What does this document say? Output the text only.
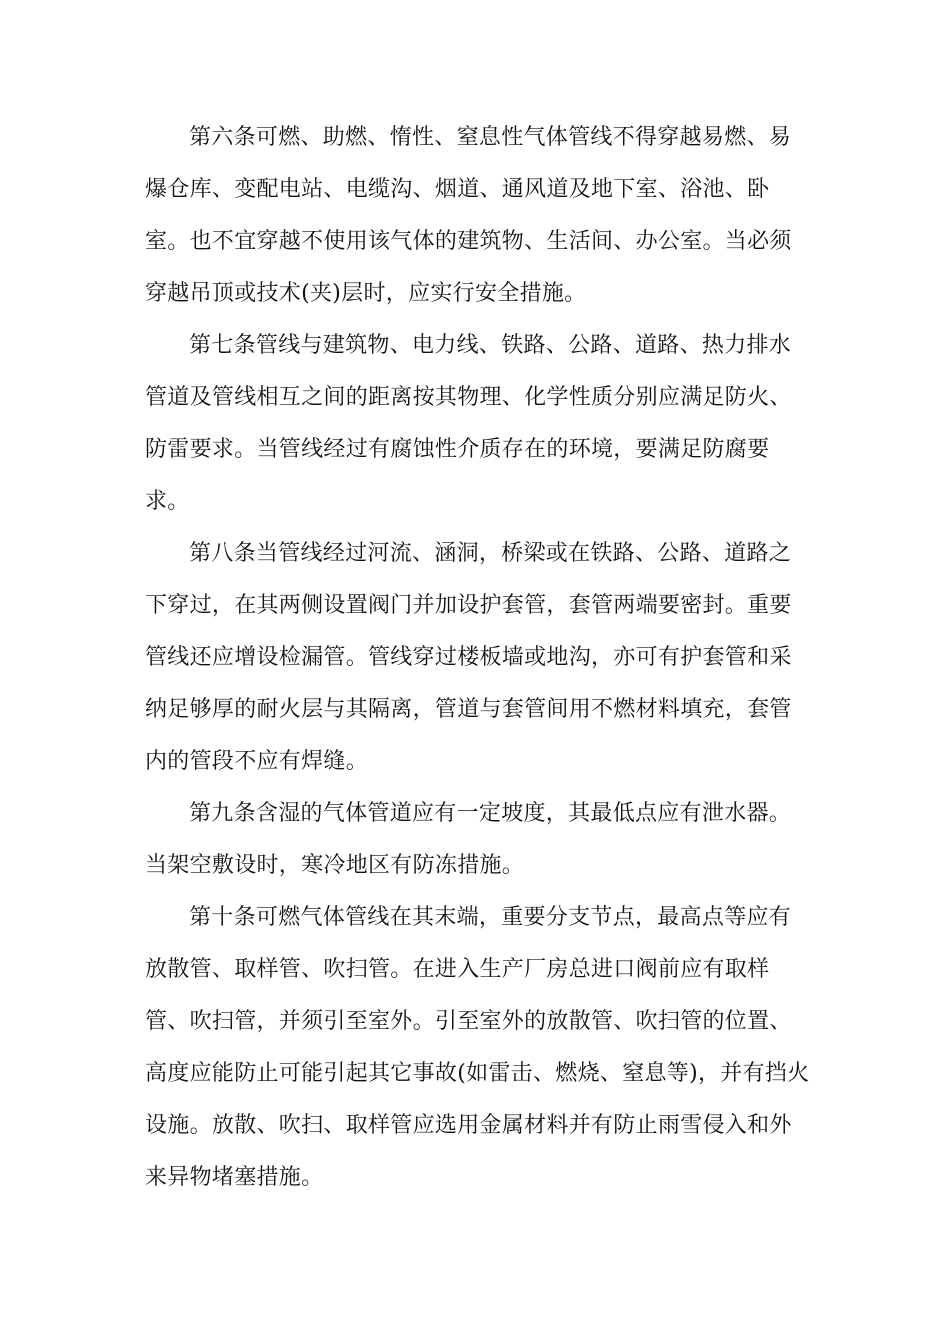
第六条可燃、助燃、惰性、窒息性气体管线不得穿越易燃、易
爆仓库、变配电站、电缆沟、烟道、通风道及地下室、浴池、卧
室。也不宜穿越不使用该气体的建筑物、生活间、办公室。当必须
穿越吊顶或技术(夹)层时，应实行安全措施。
第七条管线与建筑物、电力线、铁路、公路、道路、热力排水
管道及管线相互之间的距离按其物理、化学性质分别应满足防火、
防雷要求。当管线经过有腐蚀性介质存在的环境，要满足防腐要
求。
第八条当管线经过河流、涵洞，桥梁或在铁路、公路、道路之
下穿过，在其两侧设置阀门并加设护套管，套管两端要密封。重要
管线还应增设检漏管。管线穿过楼板墙或地沟，亦可有护套管和采
纳足够厚的耐火层与其隔离，管道与套管间用不燃材料填充，套管
内的管段不应有焊缝。
第九条含湿的气体管道应有一定坡度，其最低点应有泄水器。
当架空敷设时，寒冷地区有防冻措施。
第十条可燃气体管线在其末端，重要分支节点，最高点等应有
放散管、取样管、吹扫管。在进入生产厂房总进口阀前应有取样
管、吹扫管，并须引至室外。引至室外的放散管、吹扫管的位置、
高度应能防止可能引起其它事故(如雷击、燃烧、窒息等)，并有挡火
设施。放散、吹扫、取样管应选用金属材料并有防止雨雪侵入和外
来异物堵塞措施。
